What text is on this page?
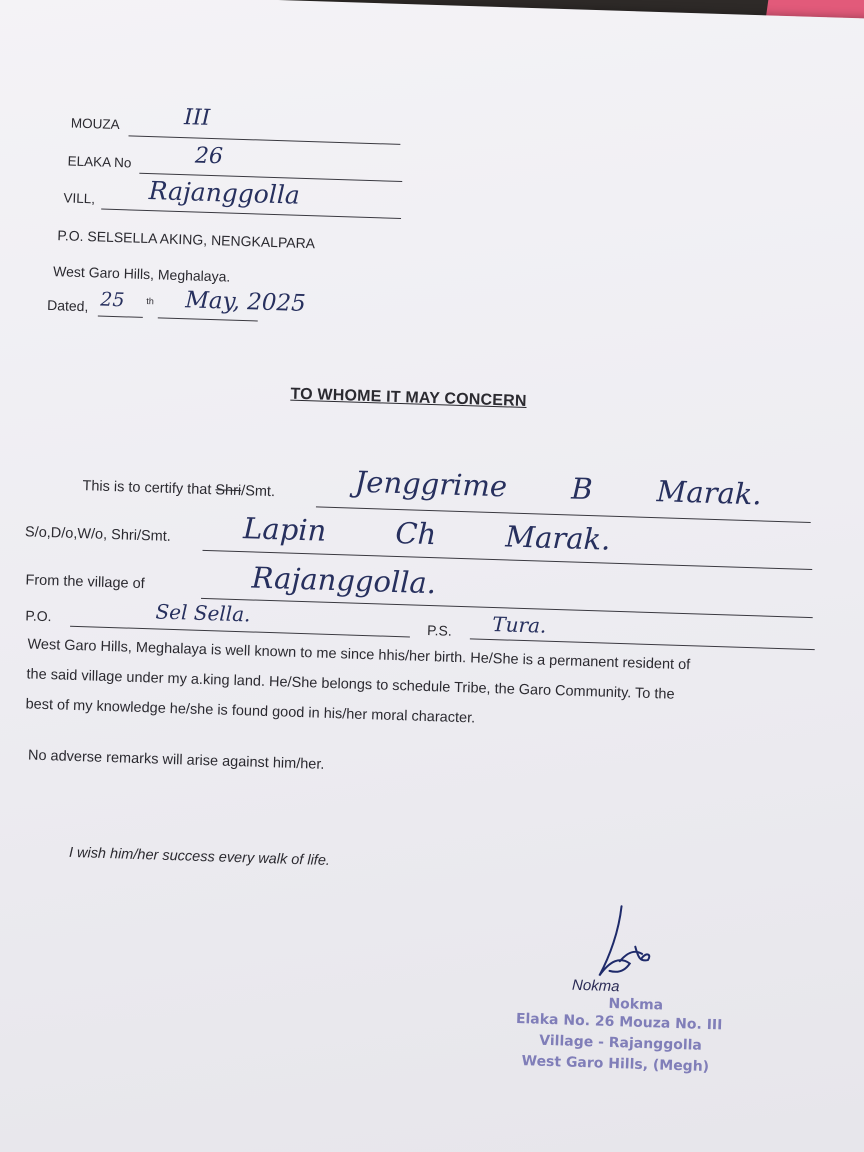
MOUZA	III
ELAKA No	26
VILL, Rajanggolla
P.O. SELSELLA AKING, NENGKALPARA
West Garo Hills, Meghalaya.
Dated, 25 th May, 2025
TO WHOME IT MAY CONCERN
This is to certify that Shri/Smt.	Jenggrime B Marak.
S/o,D/o,W/o, Shri/Smt. Lapin Ch Marak.
From the village of	Rajanggolla.
P.O.	Sel Sella.
P.S. Tura.
West Garo Hills, Meghalaya is well known to me since hhis/her birth. He/She is a permanent resident of
the said village under my a.king land. He/She belongs to schedule Tribe, the Garo Community. To the
best of my knowledge he/she is found good in his/her moral character.
No adverse remarks will arise against him/her.
I wish him/her success every walk of life.
Nokma
Nokma
Elaka No. 26 Mouza No. III
Village - Rajanggolla
West Garo Hills, (Megh)
